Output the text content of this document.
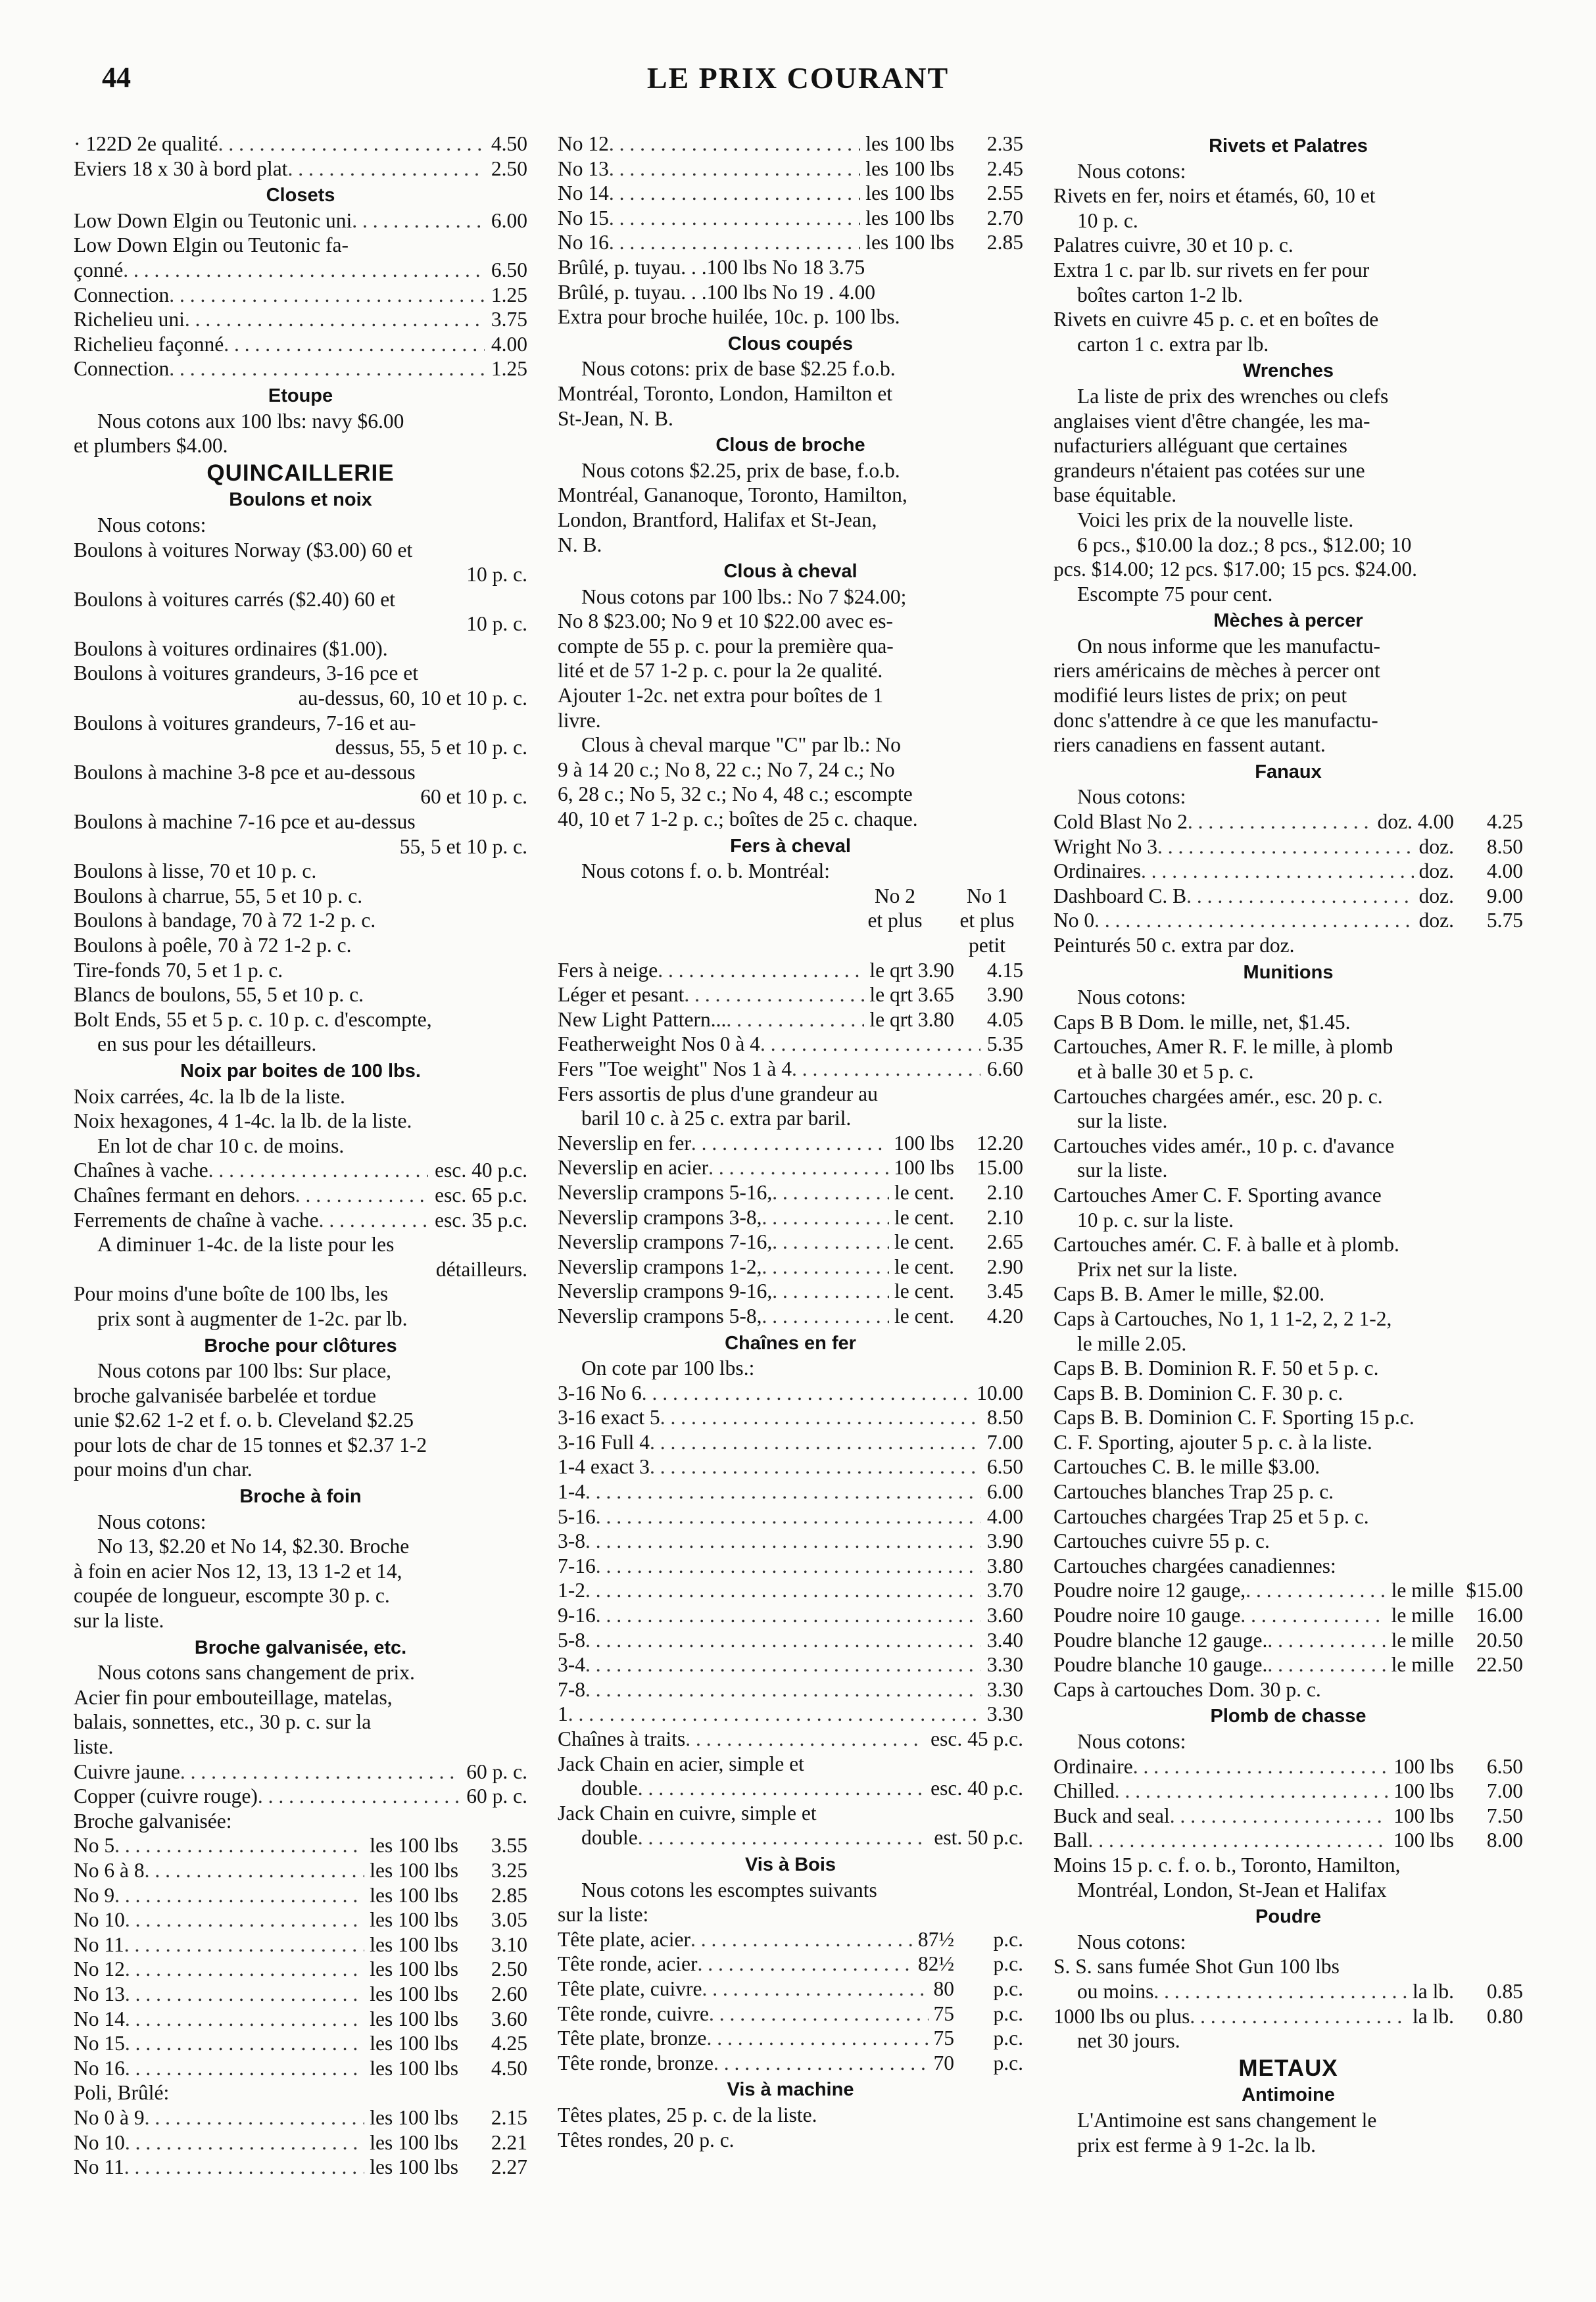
44	LE PRIX COURANT
· 122D 2e qualité . . .	4.50
Eviers 18 x 30 à bord plat . . .	2.50
Closets
Low Down Elgin ou Teutonic uni . . .	6.00
Low Down Elgin ou Teutonic fa-
çonné . . .	6.50
Connection . . .	1.25
Richelieu uni . . .	3.75
Richelieu façonné . . .	4.00
Connection . . .	1.25
Etoupe
Nous cotons aux 100 lbs: navy $6.00
et plumbers $4.00.
QUINCAILLERIE
Boulons et noix
Nous cotons:
Boulons à voitures Norway ($3.00) 60 et
10 p. c.
Boulons à voitures carrés ($2.40) 60 et
10 p. c.
Boulons à voitures ordinaires ($1.00).
Boulons à voitures grandeurs, 3-16 pce et
au-dessus, 60, 10 et 10 p. c.
Boulons à voitures grandeurs, 7-16 et au-
dessus, 55, 5 et 10 p. c.
Boulons à machine 3-8 pce et au-dessous
60 et 10 p. c.
Boulons à machine 7-16 pce et au-dessus
55, 5 et 10 p. c.
Boulons à lisse, 70 et 10 p. c.
Boulons à charrue, 55, 5 et 10 p. c.
Boulons à bandage, 70 à 72 1-2 p. c.
Boulons à poêle, 70 à 72 1-2 p. c.
Tire-fonds 70, 5 et 1 p. c.
Blancs de boulons, 55, 5 et 10 p. c.
Bolt Ends, 55 et 5 p. c. 10 p. c. d'escompte,
en sus pour les détailleurs.
Noix par boites de 100 lbs.
Noix carrées, 4c. la lb de la liste.
Noix hexagones, 4 1-4c. la lb. de la liste.
En lot de char 10 c. de moins.
Chaînes à vache . . .	esc. 40 p.c.
Chaînes fermant en dehors . . .	esc. 65 p.c.
Ferrements de chaîne à vache . . .	esc. 35 p.c.
A diminuer 1-4c. de la liste pour les
détailleurs.
Pour moins d'une boîte de 100 lbs, les
prix sont à augmenter de 1-2c. par lb.
Broche pour clôtures
Nous cotons par 100 lbs: Sur place,
broche galvanisée barbelée et tordue
unie $2.62 1-2 et f. o. b. Cleveland $2.25
pour lots de char de 15 tonnes et $2.37 1-2
pour moins d'un char.
Broche à foin
Nous cotons:
No 13, $2.20 et No 14, $2.30. Broche
à foin en acier Nos 12, 13, 13 1-2 et 14,
coupée de longueur, escompte 30 p. c.
sur la liste.
Broche galvanisée, etc.
Nous cotons sans changement de prix.
Acier fin pour embouteillage, matelas,
balais, sonnettes, etc., 30 p. c. sur la
liste.
Cuivre jaune . . .	60 p. c.
Copper (cuivre rouge) . . .	60 p. c.
Broche galvanisée:
No 5 . . .	les 100 lbs	3.55
No 6 à 8 . . .	les 100 lbs	3.25
No 9 . . .	les 100 lbs	2.85
No 10 . . .	les 100 lbs	3.05
No 11 . . .	les 100 lbs	3.10
No 12 . . .	les 100 lbs	2.50
No 13 . . .	les 100 lbs	2.60
No 14 . . .	les 100 lbs	3.60
No 15 . . .	les 100 lbs	4.25
No 16 . . .	les 100 lbs	4.50
Poli, Brûlé:
No 0 à 9 . . .	les 100 lbs	2.15
No 10 . . .	les 100 lbs	2.21
No 11 . . .	les 100 lbs	2.27
No 12 . . .	les 100 lbs	2.35
No 13 . . .	les 100 lbs	2.45
No 14 . . .	les 100 lbs	2.55
No 15 . . .	les 100 lbs	2.70
No 16 . . .	les 100 lbs	2.85
Brûlé, p. tuyau. . .100 lbs No 18 3.75
Brûlé, p. tuyau. . .100 lbs No 19 . 4.00
Extra pour broche huilée, 10c. p. 100 lbs.
Clous coupés
Nous cotons: prix de base $2.25 f.o.b.
Montréal, Toronto, London, Hamilton et
St-Jean, N. B.
Clous de broche
Nous cotons $2.25, prix de base, f.o.b.
Montréal, Gananoque, Toronto, Hamilton,
London, Brantford, Halifax et St-Jean,
N. B.
Clous à cheval
Nous cotons par 100 lbs.: No 7 $24.00;
No 8 $23.00; No 9 et 10 $22.00 avec es-
compte de 55 p. c. pour la première qua-
lité et de 57 1-2 p. c. pour la 2e qualité.
Ajouter 1-2c. net extra pour boîtes de 1
livre.
Clous à cheval marque "C" par lb.: No
9 à 14 20 c.; No 8, 22 c.; No 7, 24 c.; No
6, 28 c.; No 5, 32 c.; No 4, 48 c.; escompte
40, 10 et 7 1-2 p. c.; boîtes de 25 c. chaque.
Fers à cheval
Nous cotons f. o. b. Montréal:
No 2	No 1
et plus	et plus
petit
Fers à neige . . .	le qrt 3.90	4.15
Léger et pesant . . .	le qrt 3.65	3.90
New Light Pattern... . . .	le qrt 3.80	4.05
Featherweight Nos 0 à 4 . . .	5.35
Fers "Toe weight" Nos 1 à 4 . . .	6.60
Fers assortis de plus d'une grandeur au
baril 10 c. à 25 c. extra par baril.
Neverslip en fer . . .	100 lbs	12.20
Neverslip en acier . . .	100 lbs	15.00
Neverslip crampons 5-16, . . .	le cent.	2.10
Neverslip crampons 3-8, . . .	le cent.	2.10
Neverslip crampons 7-16, . . .	le cent.	2.65
Neverslip crampons 1-2, . . .	le cent.	2.90
Neverslip crampons 9-16, . . .	le cent.	3.45
Neverslip crampons 5-8, . . .	le cent.	4.20
Chaînes en fer
On cote par 100 lbs.:
3-16 No 6 . . .	10.00
3-16 exact 5 . . .	8.50
3-16 Full 4 . . .	7.00
1-4 exact 3 . . .	6.50
1-4 . . .	6.00
5-16 . . .	4.00
3-8 . . .	3.90
7-16 . . .	3.80
1-2 . . .	3.70
9-16 . . .	3.60
5-8 . . .	3.40
3-4 . . .	3.30
7-8 . . .	3.30
1 . . .	3.30
Chaînes à traits . . .	esc. 45 p.c.
Jack Chain en acier, simple et
double . . .	esc. 40 p.c.
Jack Chain en cuivre, simple et
double . . .	est. 50 p.c.
Vis à Bois
Nous cotons les escomptes suivants
sur la liste:
Tête plate, acier . . .	87½	p.c.
Tête ronde, acier . . .	82½	p.c.
Tête plate, cuivre . . .	80	p.c.
Tête ronde, cuivre . . .	75	p.c.
Tête plate, bronze . . .	75	p.c.
Tête ronde, bronze . . .	70	p.c.
Vis à machine
Têtes plates, 25 p. c. de la liste.
Têtes rondes, 20 p. c.
Rivets et Palatres
Nous cotons:
Rivets en fer, noirs et étamés, 60, 10 et
10 p. c.
Palatres cuivre, 30 et 10 p. c.
Extra 1 c. par lb. sur rivets en fer pour
boîtes carton 1-2 lb.
Rivets en cuivre 45 p. c. et en boîtes de
carton 1 c. extra par lb.
Wrenches
La liste de prix des wrenches ou clefs
anglaises vient d'être changée, les ma-
nufacturiers alléguant que certaines
grandeurs n'étaient pas cotées sur une
base équitable.
Voici les prix de la nouvelle liste.
6 pcs., $10.00 la doz.; 8 pcs., $12.00; 10
pcs. $14.00; 12 pcs. $17.00; 15 pcs. $24.00.
Escompte 75 pour cent.
Mèches à percer
On nous informe que les manufactu-
riers américains de mèches à percer ont
modifié leurs listes de prix; on peut
donc s'attendre à ce que les manufactu-
riers canadiens en fassent autant.
Fanaux
Nous cotons:
Cold Blast No 2 . . .	doz. 4.00	4.25
Wright No 3 . . .	doz.	8.50
Ordinaires . . .	doz.	4.00
Dashboard C. B . . .	doz.	9.00
No 0 . . .	doz.	5.75
Peinturés 50 c. extra par doz.
Munitions
Nous cotons:
Caps B B Dom. le mille, net, $1.45.
Cartouches, Amer R. F. le mille, à plomb
et à balle 30 et 5 p. c.
Cartouches chargées amér., esc. 20 p. c.
sur la liste.
Cartouches vides amér., 10 p. c. d'avance
sur la liste.
Cartouches Amer C. F. Sporting avance
10 p. c. sur la liste.
Cartouches amér. C. F. à balle et à plomb.
Prix net sur la liste.
Caps B. B. Amer le mille, $2.00.
Caps à Cartouches, No 1, 1 1-2, 2, 2 1-2,
le mille 2.05.
Caps B. B. Dominion R. F. 50 et 5 p. c.
Caps B. B. Dominion C. F. 30 p. c.
Caps B. B. Dominion C. F. Sporting 15 p.c.
C. F. Sporting, ajouter 5 p. c. à la liste.
Cartouches C. B. le mille $3.00.
Cartouches blanches Trap 25 p. c.
Cartouches chargées Trap 25 et 5 p. c.
Cartouches cuivre 55 p. c.
Cartouches chargées canadiennes:
Poudre noire 12 gauge, . . .	le mille $15.00
Poudre noire 10 gauge . . .	le mille	16.00
Poudre blanche 12 gauge. . . .	le mille	20.50
Poudre blanche 10 gauge. . . .	le mille	22.50
Caps à cartouches Dom. 30 p. c.
Plomb de chasse
Nous cotons:
Ordinaire . . .	100 lbs	6.50
Chilled . . .	100 lbs	7.00
Buck and seal . . .	100 lbs	7.50
Ball . . .	100 lbs	8.00
Moins 15 p. c. f. o. b., Toronto, Hamilton,
Montréal, London, St-Jean et Halifax
Poudre
Nous cotons:
S. S. sans fumée Shot Gun 100 lbs
ou moins . . .	la lb.	0.85
1000 lbs ou plus . . .	la lb.	0.80
net 30 jours.
METAUX
Antimoine
L'Antimoine est sans changement le
prix est ferme à 9 1-2c. la lb.
